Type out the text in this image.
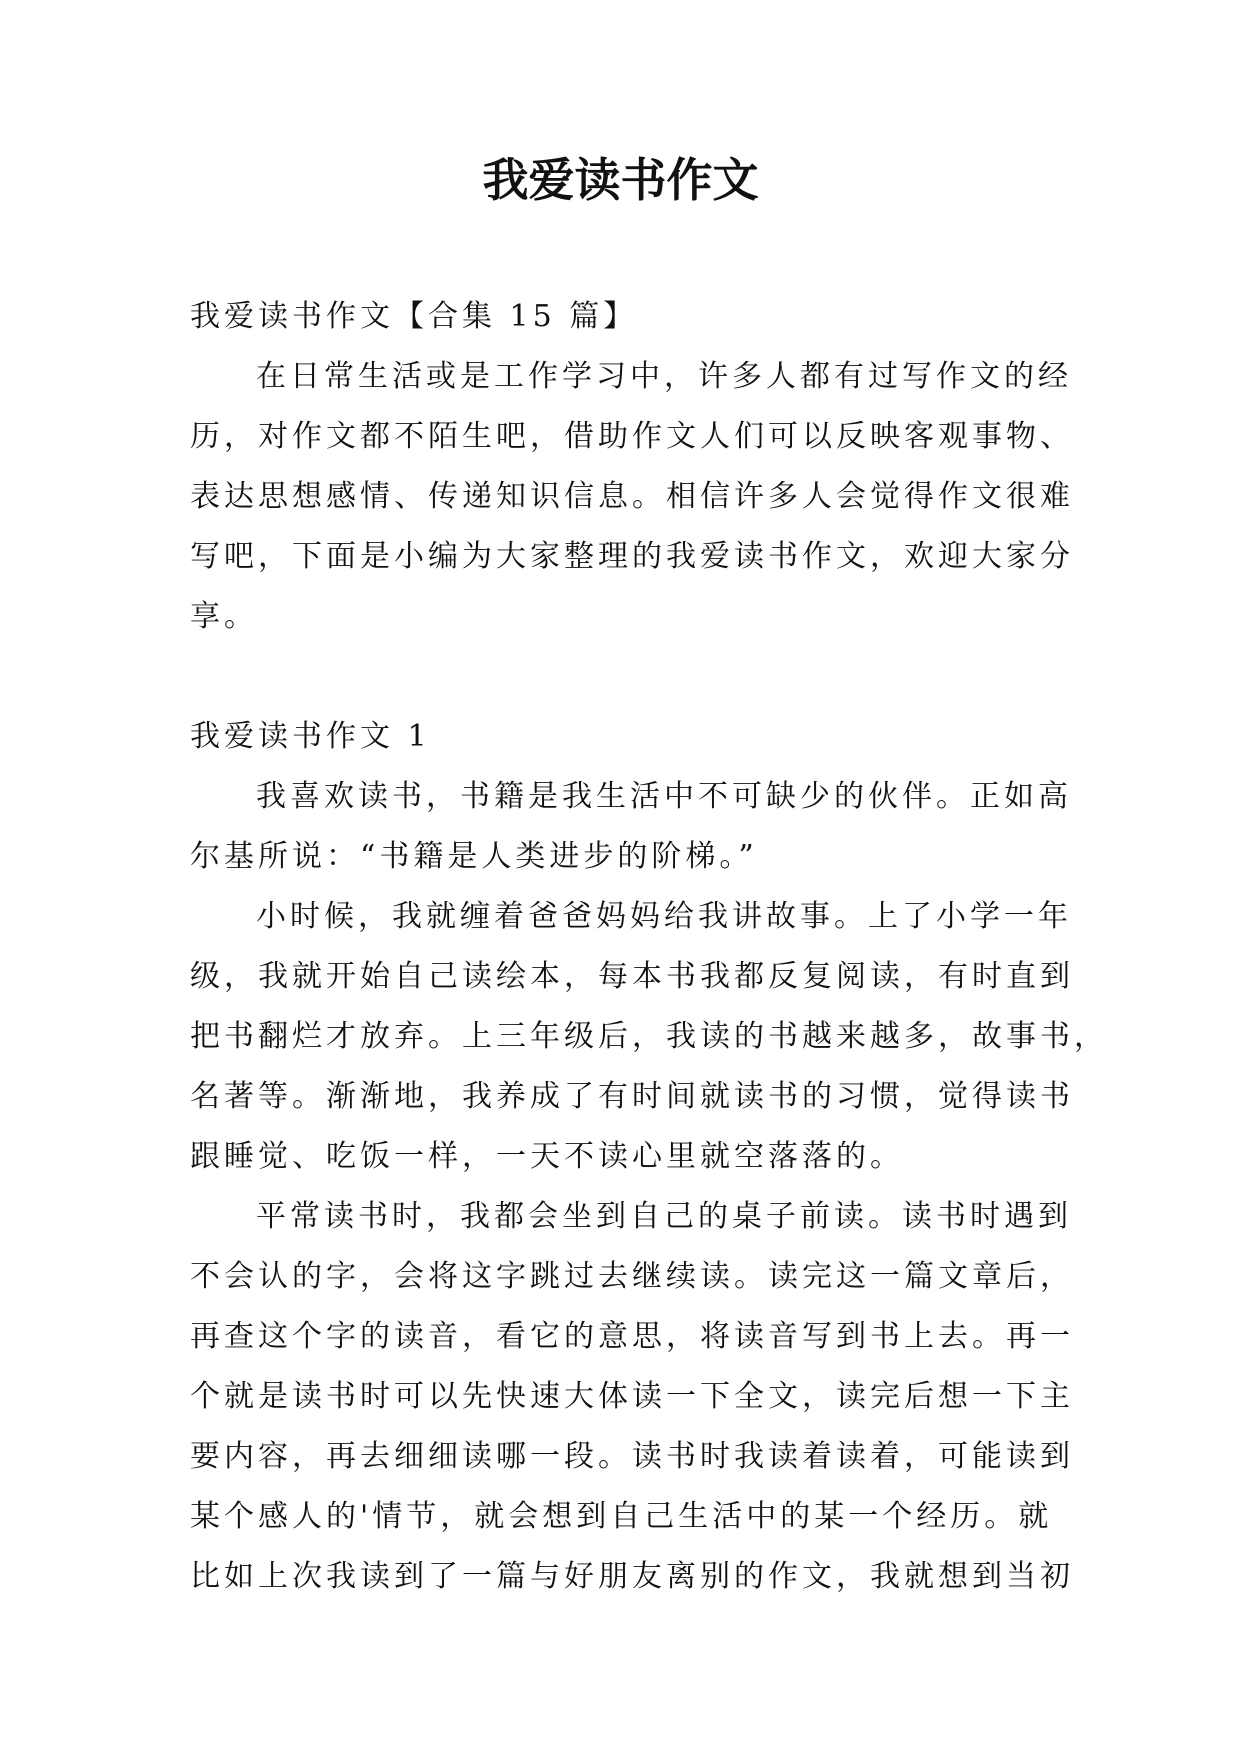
我爱读书作文
我爱读书作文【合集 15 篇】
在日常生活或是工作学习中，许多人都有过写作文的经
历，对作文都不陌生吧，借助作文人们可以反映客观事物、
表达思想感情、传递知识信息。相信许多人会觉得作文很难
写吧，下面是小编为大家整理的我爱读书作文，欢迎大家分
享。
我爱读书作文 1
我喜欢读书，书籍是我生活中不可缺少的伙伴。正如高
尔基所说：“书籍是人类进步的阶梯。”
小时候，我就缠着爸爸妈妈给我讲故事。上了小学一年
级，我就开始自己读绘本，每本书我都反复阅读，有时直到
把书翻烂才放弃。上三年级后，我读的书越来越多，故事书，
名著等。渐渐地，我养成了有时间就读书的习惯，觉得读书
跟睡觉、吃饭一样，一天不读心里就空落落的。
平常读书时，我都会坐到自己的桌子前读。读书时遇到
不会认的字，会将这字跳过去继续读。读完这一篇文章后，
再查这个字的读音，看它的意思，将读音写到书上去。再一
个就是读书时可以先快速大体读一下全文，读完后想一下主
要内容，再去细细读哪一段。读书时我读着读着，可能读到
某个感人的'情节，就会想到自己生活中的某一个经历。就
比如上次我读到了一篇与好朋友离别的作文，我就想到当初
